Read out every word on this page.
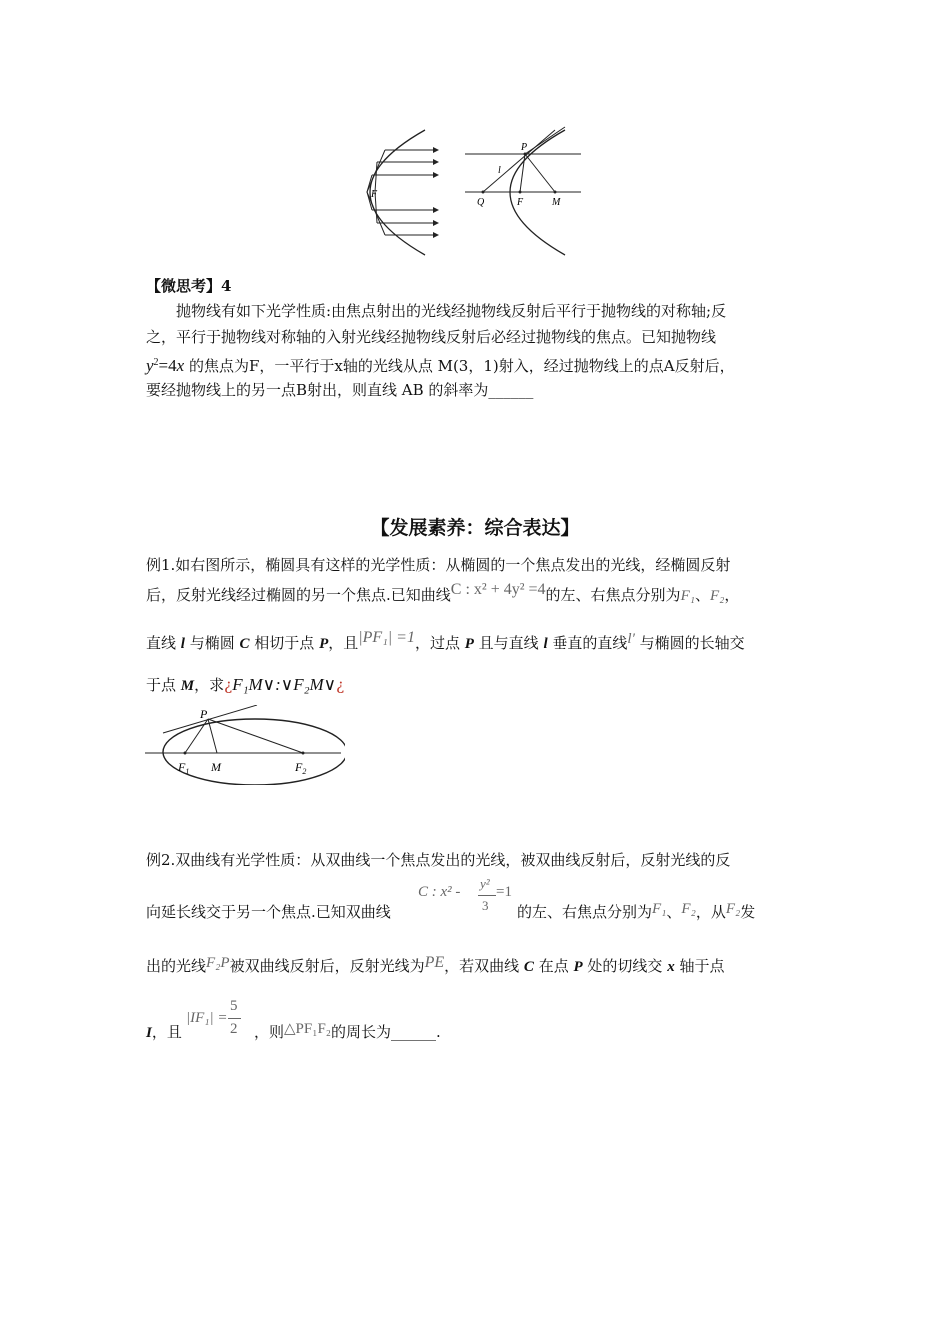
F
P
l
Q	F	M
【微思考】4
抛物线有如下光学性质:由焦点射出的光线经抛物线反射后平行于抛物线的对称轴;反
之，平行于抛物线对称轴的入射光线经抛物线反射后必经过抛物线的焦点。已知抛物线
$y^2=4x$ 的焦点为F，一平行于x轴的光线从点 M(3，1)射入，经过抛物线上的点A反射后，
要经抛物线上的另一点B射出，则直线 AB 的斜率为______
【发展素养：综合表达】
例1.如右图所示，椭圆具有这样的光学性质：从椭圆的一个焦点发出的光线，经椭圆反射
后，反射光线经过椭圆的另一个焦点.已知曲线C : x² + 4y² =4的左、右焦点分别为F₁、F₂，
直线 l 与椭圆 C 相切于点 P，且|PF₁| =1，过点 P 且与直线 l 垂直的直线l′ 与椭圆的长轴交
于点 M，求¿F₁M∨:∨F₂M∨¿
P
$F_1$ M	$F_2$
例2.双曲线有光学性质：从双曲线一个焦点发出的光线，被双曲线反射后，反射光线的反
向延长线交于另一个焦点.已知双曲线
C : x² -
y²
3
=1
的左、右焦点分别为F₁、F₂，从F₂发
出的光线F₂P被双曲线反射后，反射光线为PE，若双曲线 C 在点 P 处的切线交 x 轴于点
I，且
|IF₁| =
5
2 ，则△PF₁F₂的周长为______.
